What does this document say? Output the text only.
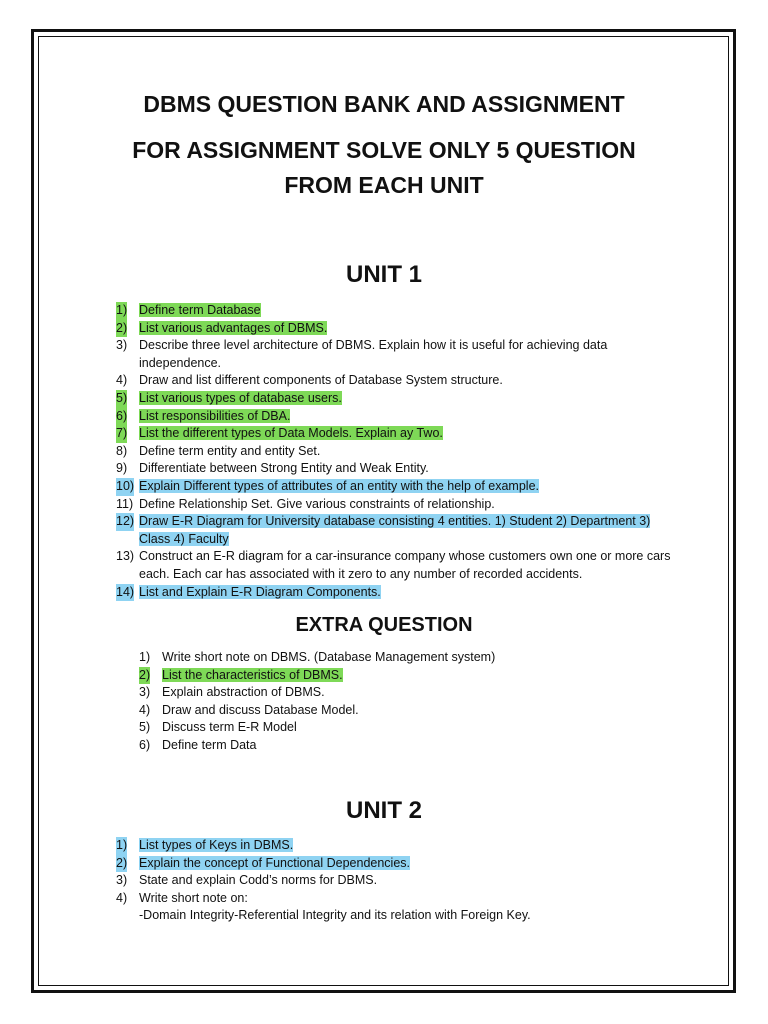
DBMS QUESTION BANK AND ASSIGNMENT
FOR ASSIGNMENT SOLVE ONLY 5 QUESTION
FROM EACH UNIT
UNIT 1
1) Define term Database
2) List various advantages of DBMS.
3) Describe three level architecture of DBMS. Explain how it is useful for achieving data independence.
4) Draw and list different components of Database System structure.
5) List various types of database users.
6) List responsibilities of DBA.
7) List the different types of Data Models. Explain ay Two.
8) Define term entity and entity Set.
9) Differentiate between Strong Entity and Weak Entity.
10) Explain Different types of attributes of an entity with the help of example.
11) Define Relationship Set. Give various constraints of relationship.
12) Draw E-R Diagram for University database consisting 4 entities. 1) Student 2) Department 3) Class 4) Faculty
13) Construct an E-R diagram for a car-insurance company whose customers own one or more cars each. Each car has associated with it zero to any number of recorded accidents.
14) List and Explain E-R Diagram Components.
EXTRA QUESTION
1) Write short note on DBMS. (Database Management system)
2) List the characteristics of DBMS.
3) Explain abstraction of DBMS.
4) Draw and discuss Database Model.
5) Discuss term E-R Model
6) Define term Data
UNIT 2
1) List types of Keys in DBMS.
2) Explain the concept of Functional Dependencies.
3) State and explain Codd’s norms for DBMS.
4) Write short note on:
-Domain Integrity-Referential Integrity and its relation with Foreign Key.
